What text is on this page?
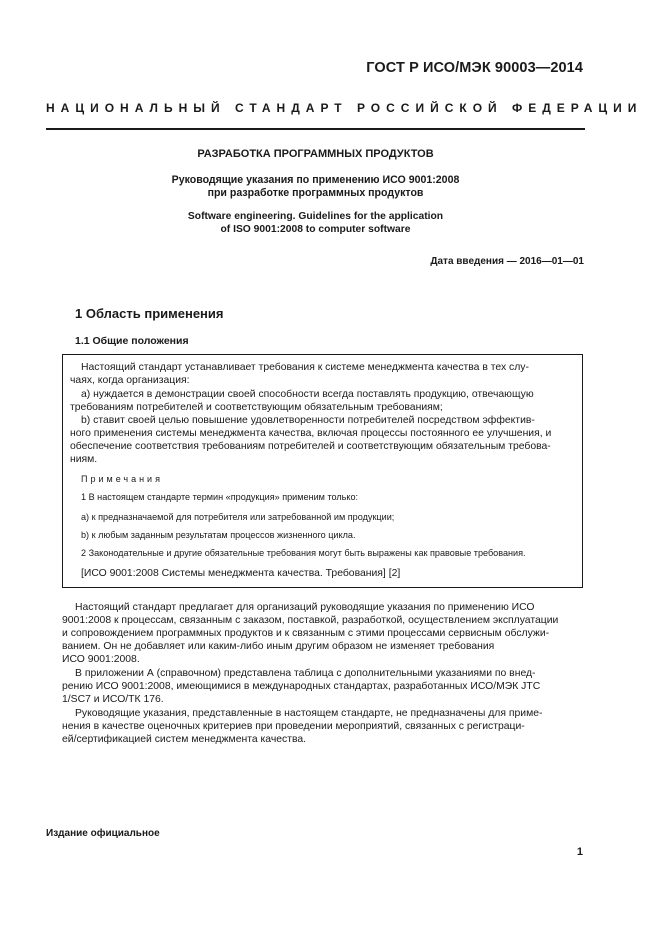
ГОСТ Р ИСО/МЭК 90003—2014
НАЦИОНАЛЬНЫЙ СТАНДАРТ РОССИЙСКОЙ ФЕДЕРАЦИИ
РАЗРАБОТКА ПРОГРАММНЫХ ПРОДУКТОВ
Руководящие указания по применению ИСО 9001:2008
при разработке программных продуктов
Software engineering. Guidelines for the application
of ISO 9001:2008 to computer software
Дата введения — 2016—01—01
1 Область применения
1.1 Общие положения
Настоящий стандарт устанавливает требования к системе менеджмента качества в тех слу-
чаях, когда организация:
а) нуждается в демонстрации своей способности всегда поставлять продукцию, отвечающую
требованиям потребителей и соответствующим обязательным требованиям;
b) ставит своей целью повышение удовлетворенности потребителей посредством эффектив-
ного применения системы менеджмента качества, включая процессы постоянного ее улучшения, и
обеспечение соответствия требованиям потребителей и соответствующим обязательным требова-
ниям.
Примечания
1 В настоящем стандарте термин «продукция» применим только:
а) к предназначаемой для потребителя или затребованной им продукции;
b) к любым заданным результатам процессов жизненного цикла.
2 Законодательные и другие обязательные требования могут быть выражены как правовые требования.
[ИСО 9001:2008 Системы менеджмента качества. Требования] [2]
Настоящий стандарт предлагает для организаций руководящие указания по применению ИСО
9001:2008 к процессам, связанным с заказом, поставкой, разработкой, осуществлением эксплуатации
и сопровождением программных продуктов и к связанным с этими процессами сервисным обслужи-
ванием. Он не добавляет или каким-либо иным другим образом не изменяет требования
ИСО 9001:2008.
В приложении А (справочном) представлена таблица с дополнительными указаниями по внед-
рению ИСО 9001:2008, имеющимися в международных стандартах, разработанных ИСО/МЭК JTC
1/SC7 и ИСО/ТК 176.
Руководящие указания, представленные в настоящем стандарте, не предназначены для приме-
нения в качестве оценочных критериев при проведении мероприятий, связанных с регистраци-
ей/сертификацией систем менеджмента качества.
Издание официальное
1
